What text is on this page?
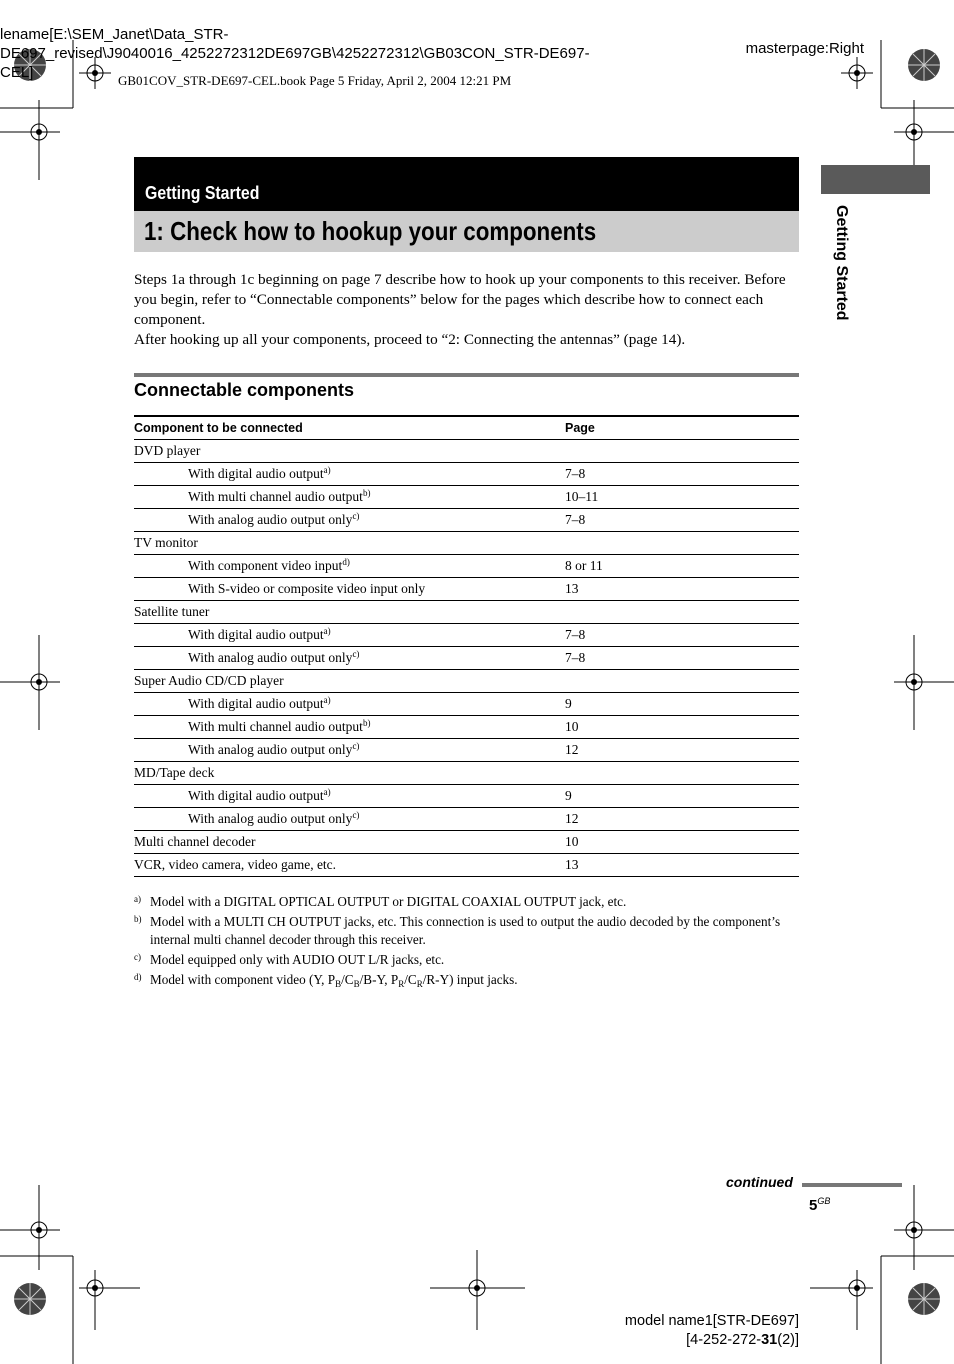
lename[E:\SEM_Janet\Data_STR-
DE697_revised\J9040016_4252272312DE697GB\4252272312\GB03CON_STR-DE697-
CEL]
masterpage:Right
GB01COV_STR-DE697-CEL.book Page 5 Friday, April 2, 2004 12:21 PM
Getting Started
1: Check how to hookup your components	Getting Started

Steps 1a through 1c beginning on page 7 describe how to hook up your components to this receiver. Before you begin, refer to “Connectable components” below for the pages which describe how to connect each component.

After hooking up all your components, proceed to “2: Connecting the antennas” (page 14).

Connectable components
Component to be connected	Page
DVD player	
With digital audio output$^{a)}$	7–8
With multi channel audio output$^{b)}$	10–11
With analog audio output only$^{c)}$	7–8
TV monitor	
With component video input$^{d)}$	8 or 11
With S-video or composite video input only	13
Satellite tuner	
With digital audio output$^{a)}$	7–8
With analog audio output only$^{c)}$	7–8
Super Audio CD/CD player	
With digital audio output$^{a)}$	9
With multi channel audio output$^{b)}$	10
With analog audio output only$^{c)}$	12
MD/Tape deck	
With digital audio output$^{a)}$	9
With analog audio output only$^{c)}$	12
Multi channel decoder	10
VCR, video camera, video game, etc.	13
a) Model with a DIGITAL OPTICAL OUTPUT or DIGITAL COAXIAL OUTPUT jack, etc.
b) Model with a MULTI CH OUTPUT jacks, etc. This connection is used to output the audio decoded by the component’s internal multi channel decoder through this receiver.
c) Model equipped only with AUDIO OUT L/R jacks, etc.
d) Model with component video (Y, $P_B/C_B/B-Y$, $P_R/C_R/R-Y$) input jacks.
continued
$5^{GB}$
model name1[STR-DE697]
[4-252-272-31(2)]
